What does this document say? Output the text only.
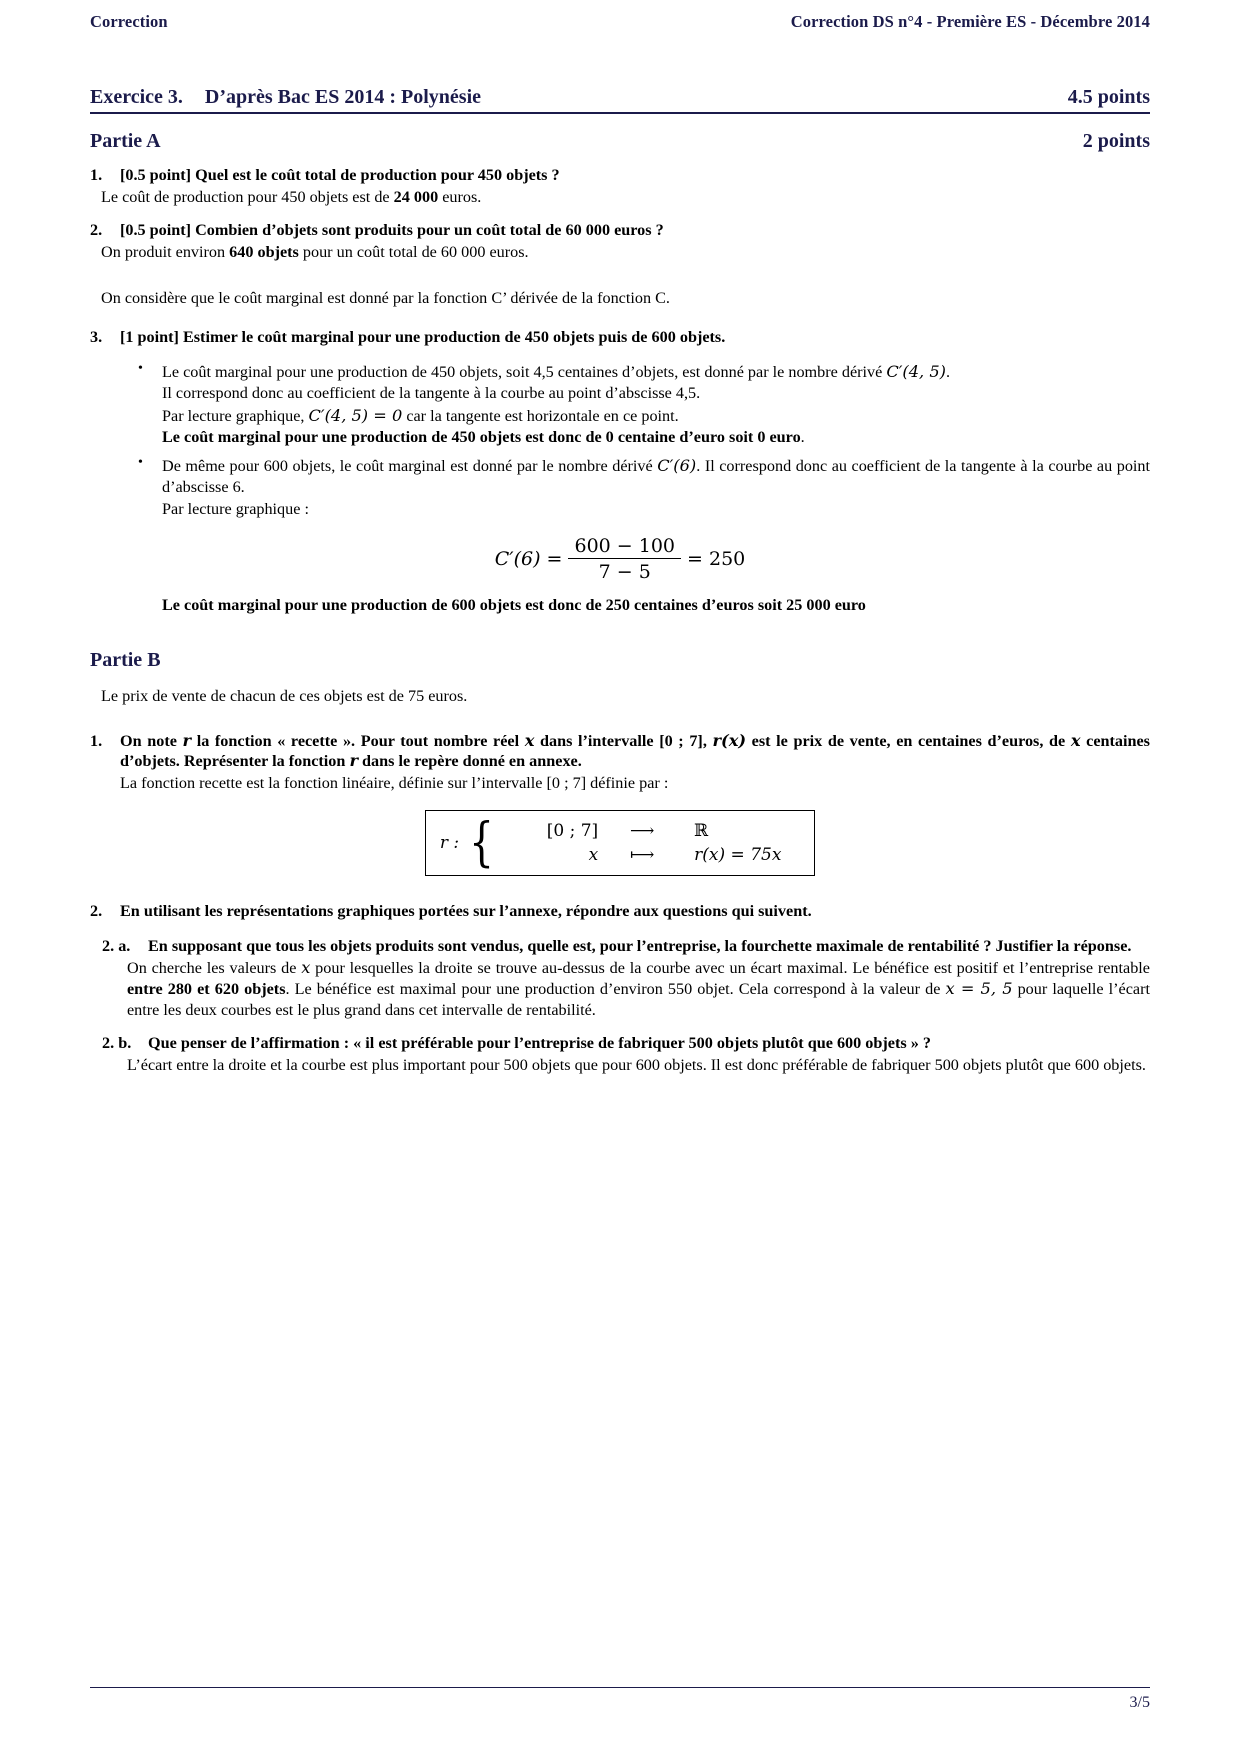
Correction	Correction DS n°4 - Première ES - Décembre 2014
Exercice 3. D’après Bac ES 2014 : Polynésie	4.5 points
Partie A	2 points
1.	[0.5 point] Quel est le coût total de production pour 450 objets ?
Le coût de production pour 450 objets est de 24 000 euros.
2.	[0.5 point] Combien d’objets sont produits pour un coût total de 60 000 euros ?
On produit environ 640 objets pour un coût total de 60 000 euros.
On considère que le coût marginal est donné par la fonction C’ dérivée de la fonction C.
3.	[1 point] Estimer le coût marginal pour une production de 450 objets puis de 600 objets.
• Le coût marginal pour une production de 450 objets, soit 4,5 centaines d’objets, est donné par le nombre dérivé C′(4, 5).
Il correspond donc au coefficient de la tangente à la courbe au point d’abscisse 4,5.
Par lecture graphique, C′(4, 5) = 0 car la tangente est horizontale en ce point.
Le coût marginal pour une production de 450 objets est donc de 0 centaine d’euro soit 0 euro.
• De même pour 600 objets, le coût marginal est donné par le nombre dérivé C′(6). Il correspond donc au coefficient de la tangente à la courbe au point d’abscisse 6.
Par lecture graphique :
$C'(6) = \frac{600 - 100}{7 - 5} = 250$
Le coût marginal pour une production de 600 objets est donc de 250 centaines d’euros soit 25 000 euro
Partie B
Le prix de vente de chacun de ces objets est de 75 euros.
1.	On note r la fonction « recette ». Pour tout nombre réel x dans l’intervalle [0 ; 7], r(x) est le prix de vente, en centaines d’euros, de x centaines d’objets. Représenter la fonction r dans le repère donné en annexe.
La fonction recette est la fonction linéaire, définie sur l’intervalle [0 ; 7] définie par :
r : {	[0 ; 7]	⟶	ℝ
x	⟼	r(x) = 75x
2.	En utilisant les représentations graphiques portées sur l’annexe, répondre aux questions qui suivent.
2. a.	En supposant que tous les objets produits sont vendus, quelle est, pour l’entreprise, la fourchette maximale de rentabilité ? Justifier la réponse.
On cherche les valeurs de x pour lesquelles la droite se trouve au-dessus de la courbe avec un écart maximal. Le bénéfice est positif et l’entreprise rentable entre 280 et 620 objets. Le bénéfice est maximal pour une production d’environ 550 objet. Cela correspond à la valeur de x = 5, 5 pour laquelle l’écart entre les deux courbes est le plus grand dans cet intervalle de rentabilité.
2. b.	Que penser de l’affirmation : « il est préférable pour l’entreprise de fabriquer 500 objets plutôt que 600 objets » ?
L’écart entre la droite et la courbe est plus important pour 500 objets que pour 600 objets. Il est donc préférable de fabriquer 500 objets plutôt que 600 objets.
3/5
